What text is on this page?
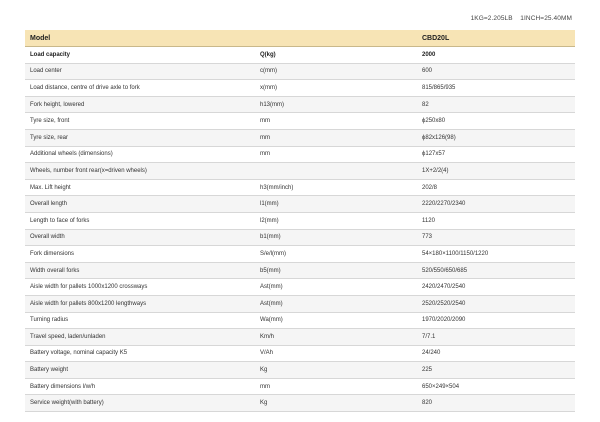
1KG=2.205LB    1INCH=25.40MM
Model		CBD20L
Load capacity	Q(kg)	2000
Load center	c(mm)	600
Load distance, centre of drive axle to fork	x(mm)	815/865/935
Fork height, lowered	h13(mm)	82
Tyre size, front	mm	ϕ250x80
Tyre size, rear	mm	ϕ82x126(98)
Additional wheels (dimensions)	mm	ϕ127x57
Wheels, number front rear(x=driven wheels)		1X+2/2(4)
Max. Lift height	h3(mm/inch)	202/8
Overall length	l1(mm)	2220/2270/2340
Length to face of forks	l2(mm)	1120
Overall width	b1(mm)	773
Fork dimensions	S/e/l(mm)	54×180×1100/1150/1220
Width overall forks	b5(mm)	520/550/650/685
Aisle width for pallets 1000x1200 crossways	Ast(mm)	2420/2470/2540
Aisle width for pallets 800x1200 lengthways	Ast(mm)	2520/2520/2540
Turning radius	Wa(mm)	1970/2020/2090
Travel speed, laden/unladen	Km/h	7/7.1
Battery voltage, nominal capacity K5	V/Ah	24/240
Battery weight	Kg	225
Battery dimensions l/w/h	mm	650×249×504
Service weight(with battery)	Kg	820
